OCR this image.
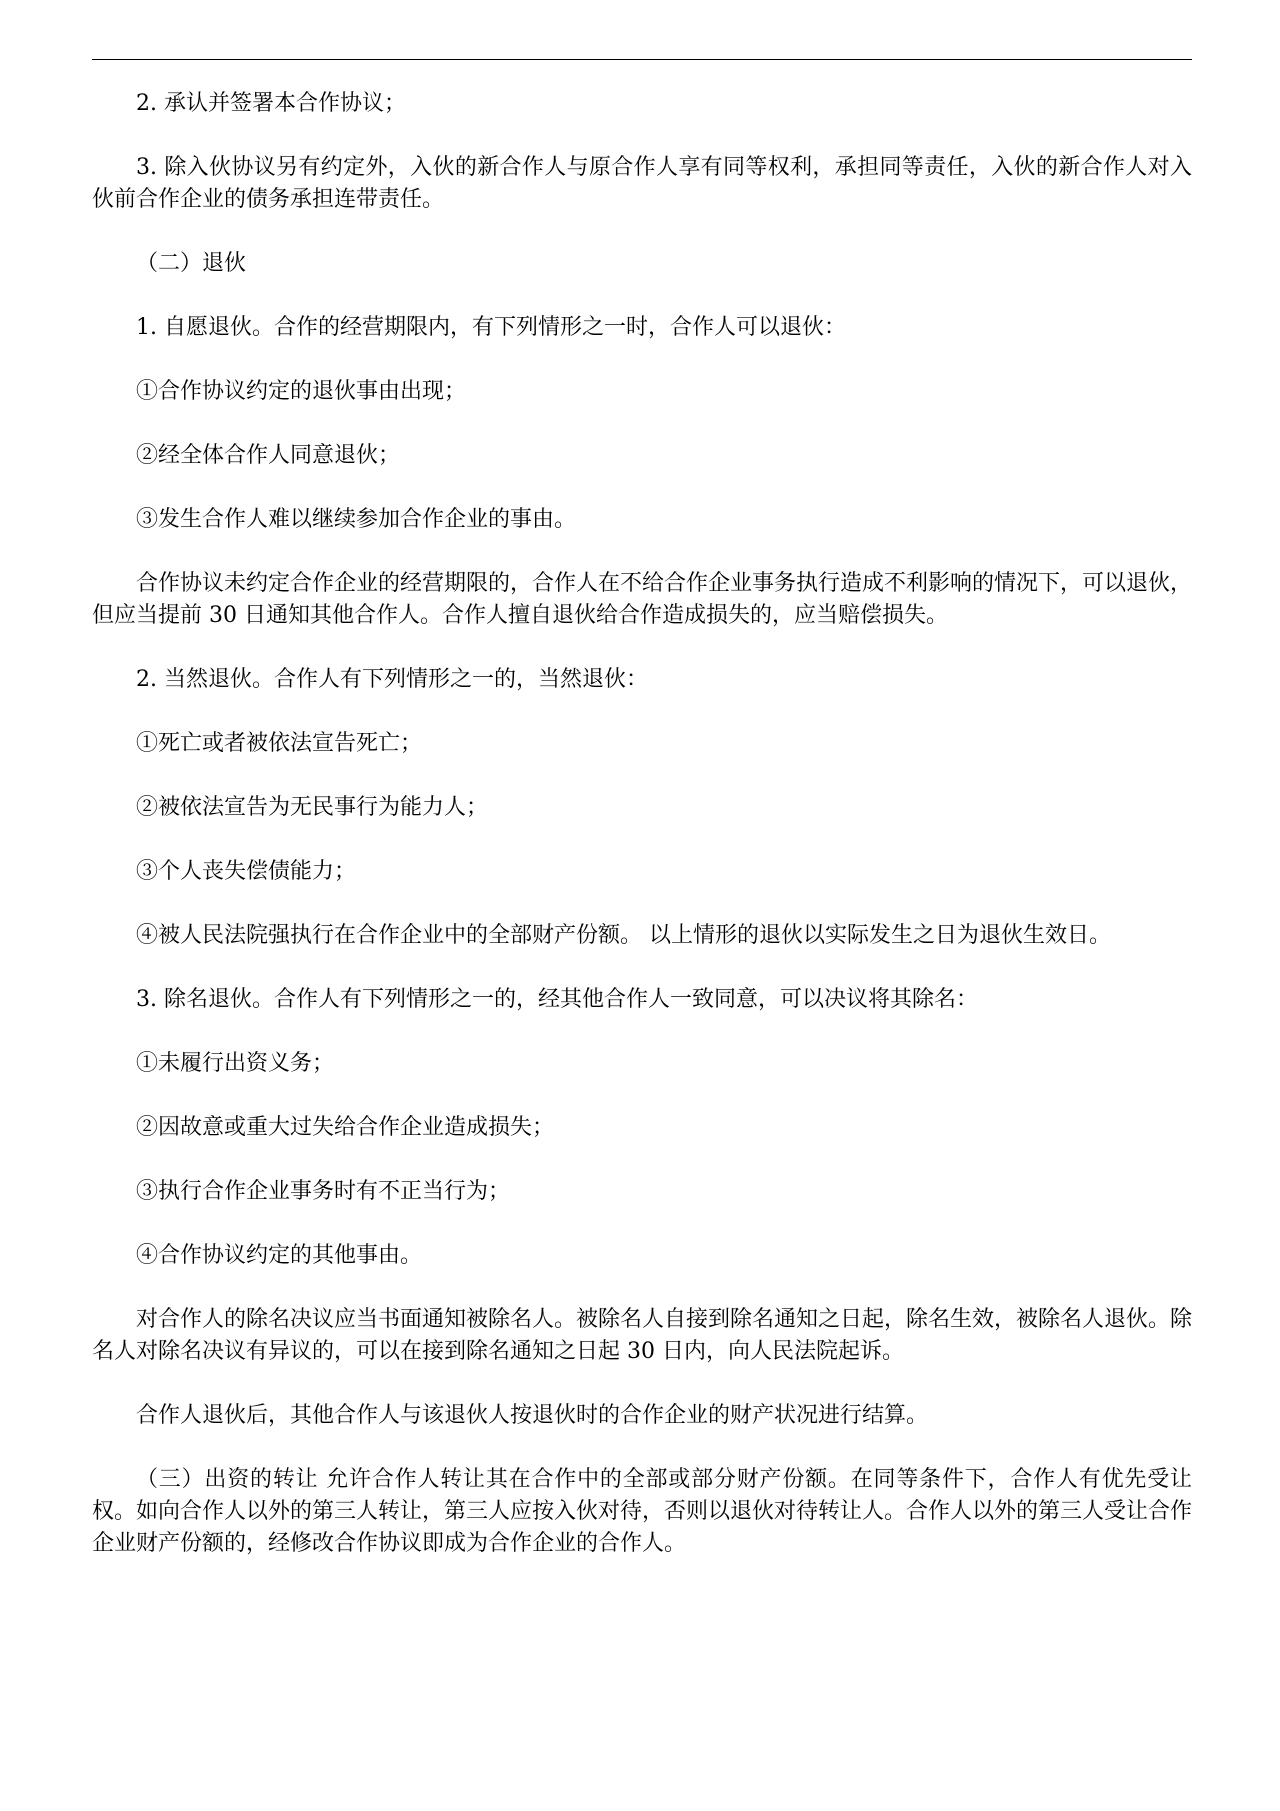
2. 承认并签署本合作协议；

3. 除入伙协议另有约定外，入伙的新合作人与原合作人享有同等权利，承担同等责任，入伙的新合作人对入伙前合作企业的债务承担连带责任。

（二）退伙

1. 自愿退伙。合作的经营期限内，有下列情形之一时，合作人可以退伙：

①合作协议约定的退伙事由出现；

②经全体合作人同意退伙；

③发生合作人难以继续参加合作企业的事由。

合作协议未约定合作企业的经营期限的，合作人在不给合作企业事务执行造成不利影响的情况下，可以退伙，但应当提前 30 日通知其他合作人。合作人擅自退伙给合作造成损失的，应当赔偿损失。

2. 当然退伙。合作人有下列情形之一的，当然退伙：

①死亡或者被依法宣告死亡；

②被依法宣告为无民事行为能力人；

③个人丧失偿债能力；

④被人民法院强执行在合作企业中的全部财产份额。 以上情形的退伙以实际发生之日为退伙生效日。

3. 除名退伙。合作人有下列情形之一的，经其他合作人一致同意，可以决议将其除名：

①未履行出资义务；

②因故意或重大过失给合作企业造成损失；

③执行合作企业事务时有不正当行为；

④合作协议约定的其他事由。

对合作人的除名决议应当书面通知被除名人。被除名人自接到除名通知之日起，除名生效，被除名人退伙。除名人对除名决议有异议的，可以在接到除名通知之日起 30 日内，向人民法院起诉。

合作人退伙后，其他合作人与该退伙人按退伙时的合作企业的财产状况进行结算。

（三）出资的转让 允许合作人转让其在合作中的全部或部分财产份额。在同等条件下，合作人有优先受让权。如向合作人以外的第三人转让，第三人应按入伙对待，否则以退伙对待转让人。合作人以外的第三人受让合作企业财产份额的，经修改合作协议即成为合作企业的合作人。
